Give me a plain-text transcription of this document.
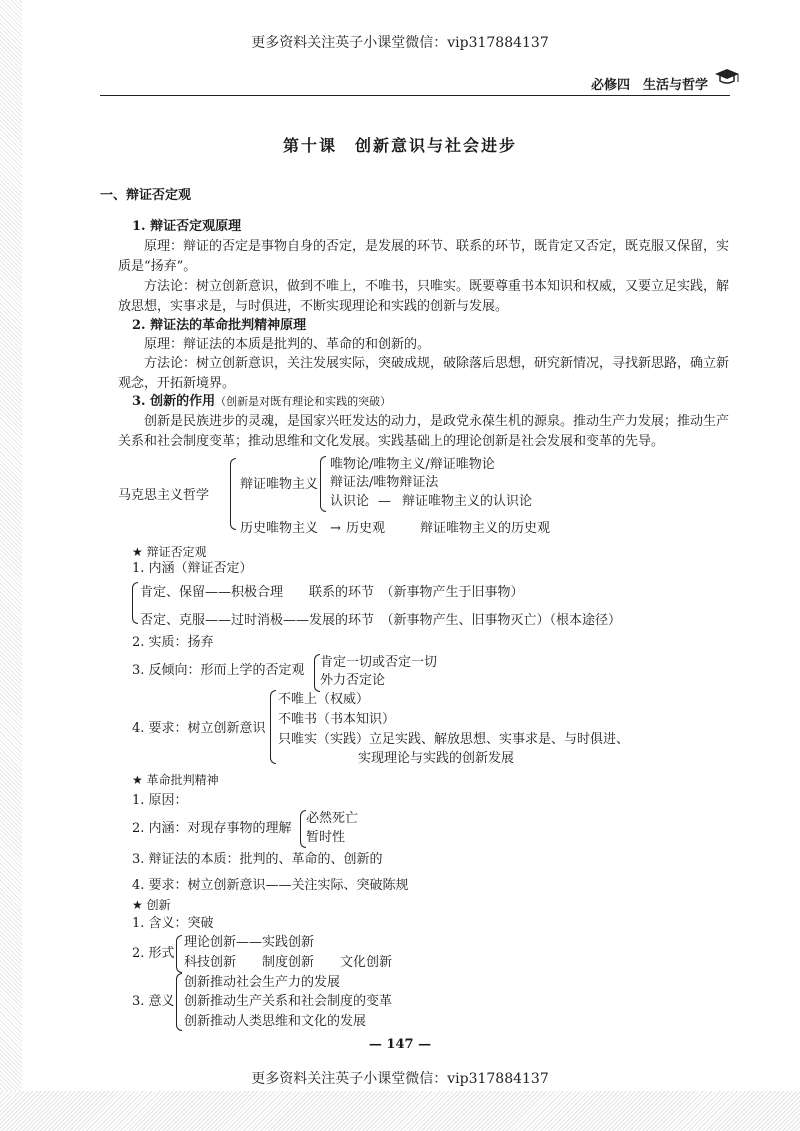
更多资料关注英子小课堂微信：vip317884137
必修四　生活与哲学
第十课　创新意识与社会进步
一、辩证否定观
1. 辩证否定观原理
原理：辩证的否定是事物自身的否定，是发展的环节、联系的环节，既肯定又否定，既克服又保留，实质是“扬弃”。
方法论：树立创新意识，做到不唯上，不唯书，只唯实。既要尊重书本知识和权威，又要立足实践，解放思想，实事求是，与时俱进，不断实现理论和实践的创新与发展。
2. 辩证法的革命批判精神原理
原理：辩证法的本质是批判的、革命的和创新的。
方法论：树立创新意识，关注发展实际，突破成规，破除落后思想，研究新情况，寻找新思路，确立新观念，开拓新境界。
3. 创新的作用（创新是对既有理论和实践的突破）
创新是民族进步的灵魂，是国家兴旺发达的动力，是政党永葆生机的源泉。推动生产力发展；推动生产关系和社会制度变革；推动思维和文化发展。实践基础上的理论创新是社会发展和变革的先导。
马克思主义哲学
辩证唯物主义
唯物论/唯物主义/辩证唯物论
辩证法/唯物辩证法
认识论 — 辩证唯物主义的认识论
历史唯物主义 → 历史观	辩证唯物主义的历史观
★ 辩证否定观
1. 内涵（辩证否定）
肯定、保留——积极合理　　联系的环节　（新事物产生于旧事物）
否定、克服——过时消极——发展的环节　（新事物产生、旧事物灭亡）（根本途径）
2. 实质：扬弃
3. 反倾向：形而上学的否定观
肯定一切或否定一切
外力否定论
4. 要求：树立创新意识
不唯上（权威）
不唯书（书本知识）
只唯实（实践）立足实践、解放思想、实事求是、与时俱进、
实现理论与实践的创新发展
★ 革命批判精神
1. 原因：
2. 内涵：对现存事物的理解
必然死亡
暂时性
3. 辩证法的本质：批判的、革命的、创新的
4. 要求：树立创新意识——关注实际、突破陈规
★ 创新
1. 含义：突破
2. 形式
理论创新——实践创新
科技创新　　制度创新　　文化创新
3. 意义
创新推动社会生产力的发展
创新推动生产关系和社会制度的变革
创新推动人类思维和文化的发展
— 147 —
更多资料关注英子小课堂微信：vip317884137
